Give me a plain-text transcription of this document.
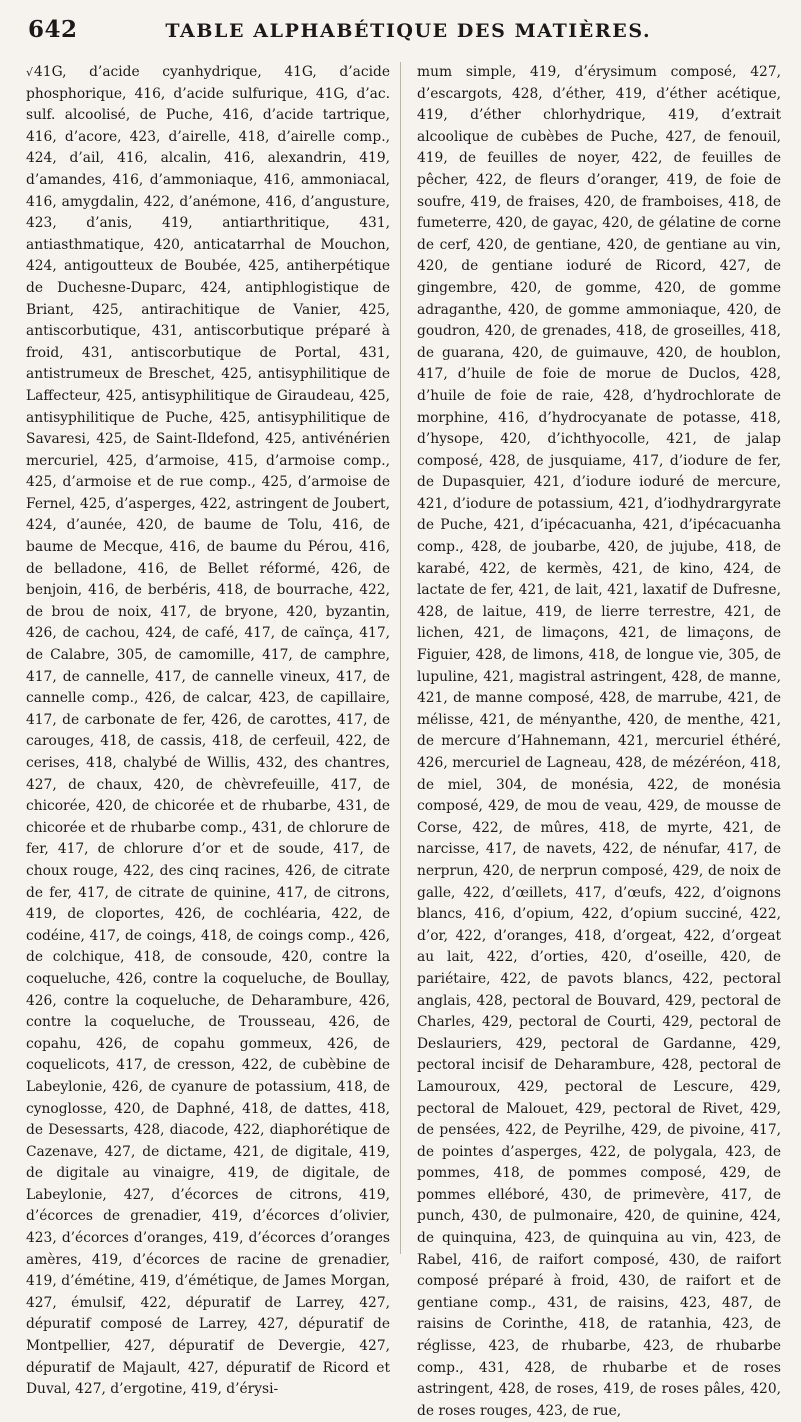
642	TABLE ALPHABÉTIQUE DES MATIÈRES.
√41G, d’acide cyanhydrique, 41G, d’acide phosphorique, 416, d’acide sulfurique, 41G, d’ac. sulf. alcoolisé, de Puche, 416, d’acide tartrique, 416, d’acore, 423, d’airelle, 418, d’airelle comp., 424, d’ail, 416, alcalin, 416, alexandrin, 419, d’amandes, 416, d’ammoniaque, 416, ammoniacal, 416, amygdalin, 422, d’anémone, 416, d’angusture, 423, d’anis, 419, antiarthritique, 431, antiasthmatique, 420, anticatarrhal de Mouchon, 424, antigoutteux de Boubée, 425, antiherpétique de Duchesne-Duparc, 424, antiphlogistique de Briant, 425, antirachitique de Vanier, 425, antiscorbutique, 431, antiscorbutique préparé à froid, 431, antiscorbutique de Portal, 431, antistrumeux de Breschet, 425, antisyphilitique de Laffecteur, 425, antisyphilitique de Giraudeau, 425, antisyphilitique de Puche, 425, antisyphilitique de Savaresi, 425, de Saint-Ildefond, 425, antivénérien mercuriel, 425, d’armoise, 415, d’armoise comp., 425, d’armoise et de rue comp., 425, d’armoise de Fernel, 425, d’asperges, 422, astringent de Joubert, 424, d’aunée, 420, de baume de Tolu, 416, de baume de Mecque, 416, de baume du Pérou, 416, de belladone, 416, de Bellet réformé, 426, de benjoin, 416, de berbéris, 418, de bourrache, 422, de brou de noix, 417, de bryone, 420, byzantin, 426, de cachou, 424, de café, 417, de caïnça, 417, de Calabre, 305, de camomille, 417, de camphre, 417, de cannelle, 417, de cannelle vineux, 417, de cannelle comp., 426, de calcar, 423, de capillaire, 417, de carbonate de fer, 426, de carottes, 417, de carouges, 418, de cassis, 418, de cerfeuil, 422, de cerises, 418, chalybé de Willis, 432, des chantres, 427, de chaux, 420, de chèvrefeuille, 417, de chicorée, 420, de chicorée et de rhubarbe, 431, de chicorée et de rhubarbe comp., 431, de chlorure de fer, 417, de chlorure d’or et de soude, 417, de choux rouge, 422, des cinq racines, 426, de citrate de fer, 417, de citrate de quinine, 417, de citrons, 419, de cloportes, 426, de cochléaria, 422, de codéine, 417, de coings, 418, de coings comp., 426, de colchique, 418, de consoude, 420, contre la coqueluche, 426, contre la coqueluche, de Boullay, 426, contre la coqueluche, de Deharambure, 426, contre la coqueluche, de Trousseau, 426, de copahu, 426, de copahu gommeux, 426, de coquelicots, 417, de cresson, 422, de cubèbine de Labeylonie, 426, de cyanure de potassium, 418, de cynoglosse, 420, de Daphné, 418, de dattes, 418, de Desessarts, 428, diacode, 422, diaphorétique de Cazenave, 427, de dictame, 421, de digitale, 419, de digitale au vinaigre, 419, de digitale, de Labeylonie, 427, d’écorces de citrons, 419, d’écorces de grenadier, 419, d’écorces d’olivier, 423, d’écorces d’oranges, 419, d’écorces d’oranges amères, 419, d’écorces de racine de grenadier, 419, d’émétine, 419, d’émétique, de James Morgan, 427, émulsif, 422, dépuratif de Larrey, 427, dépuratif composé de Larrey, 427, dépuratif de Montpellier, 427, dépuratif de Devergie, 427, dépuratif de Majault, 427, dépuratif de Ricord et Duval, 427, d’ergotine, 419, d’érysi-
mum simple, 419, d’érysimum composé, 427, d’escargots, 428, d’éther, 419, d’éther acétique, 419, d’éther chlorhydrique, 419, d’extrait alcoolique de cubèbes de Puche, 427, de fenouil, 419, de feuilles de noyer, 422, de feuilles de pêcher, 422, de fleurs d’oranger, 419, de foie de soufre, 419, de fraises, 420, de framboises, 418, de fumeterre, 420, de gayac, 420, de gélatine de corne de cerf, 420, de gentiane, 420, de gentiane au vin, 420, de gentiane ioduré de Ricord, 427, de gingembre, 420, de gomme, 420, de gomme adraganthe, 420, de gomme ammoniaque, 420, de goudron, 420, de grenades, 418, de groseilles, 418, de guarana, 420, de guimauve, 420, de houblon, 417, d’huile de foie de morue de Duclos, 428, d’huile de foie de raie, 428, d’hydrochlorate de morphine, 416, d’hydrocyanate de potasse, 418, d’hysope, 420, d’ichthyocolle, 421, de jalap composé, 428, de jusquiame, 417, d’iodure de fer, de Dupasquier, 421, d’iodure ioduré de mercure, 421, d’iodure de potassium, 421, d’iodhydrargyrate de Puche, 421, d’ipécacuanha, 421, d’ipécacuanha comp., 428, de joubarbe, 420, de jujube, 418, de karabé, 422, de kermès, 421, de kino, 424, de lactate de fer, 421, de lait, 421, laxatif de Dufresne, 428, de laitue, 419, de lierre terrestre, 421, de lichen, 421, de limaçons, 421, de limaçons, de Figuier, 428, de limons, 418, de longue vie, 305, de lupuline, 421, magistral astringent, 428, de manne, 421, de manne composé, 428, de marrube, 421, de mélisse, 421, de ményanthe, 420, de menthe, 421, de mercure d’Hahnemann, 421, mercuriel éthéré, 426, mercuriel de Lagneau, 428, de mézéréon, 418, de miel, 304, de monésia, 422, de monésia composé, 429, de mou de veau, 429, de mousse de Corse, 422, de mûres, 418, de myrte, 421, de narcisse, 417, de navets, 422, de nénufar, 417, de nerprun, 420, de nerprun composé, 429, de noix de galle, 422, d’œillets, 417, d’œufs, 422, d’oignons blancs, 416, d’opium, 422, d’opium succiné, 422, d’or, 422, d’oranges, 418, d’orgeat, 422, d’orgeat au lait, 422, d’orties, 420, d’oseille, 420, de pariétaire, 422, de pavots blancs, 422, pectoral anglais, 428, pectoral de Bouvard, 429, pectoral de Charles, 429, pectoral de Courti, 429, pectoral de Deslauriers, 429, pectoral de Gardanne, 429, pectoral incisif de Deharambure, 428, pectoral de Lamouroux, 429, pectoral de Lescure, 429, pectoral de Malouet, 429, pectoral de Rivet, 429, de pensées, 422, de Peyrilhe, 429, de pivoine, 417, de pointes d’asperges, 422, de polygala, 423, de pommes, 418, de pommes composé, 429, de pommes elléboré, 430, de primevère, 417, de punch, 430, de pulmonaire, 420, de quinine, 424, de quinquina, 423, de quinquina au vin, 423, de Rabel, 416, de raifort composé, 430, de raifort composé préparé à froid, 430, de raifort et de gentiane comp., 431, de raisins, 423, 487, de raisins de Corinthe, 418, de ratanhia, 423, de réglisse, 423, de rhubarbe, 423, de rhubarbe comp., 431, 428, de rhubarbe et de roses astringent, 428, de roses, 419, de roses pâles, 420, de roses rouges, 423, de rue,
